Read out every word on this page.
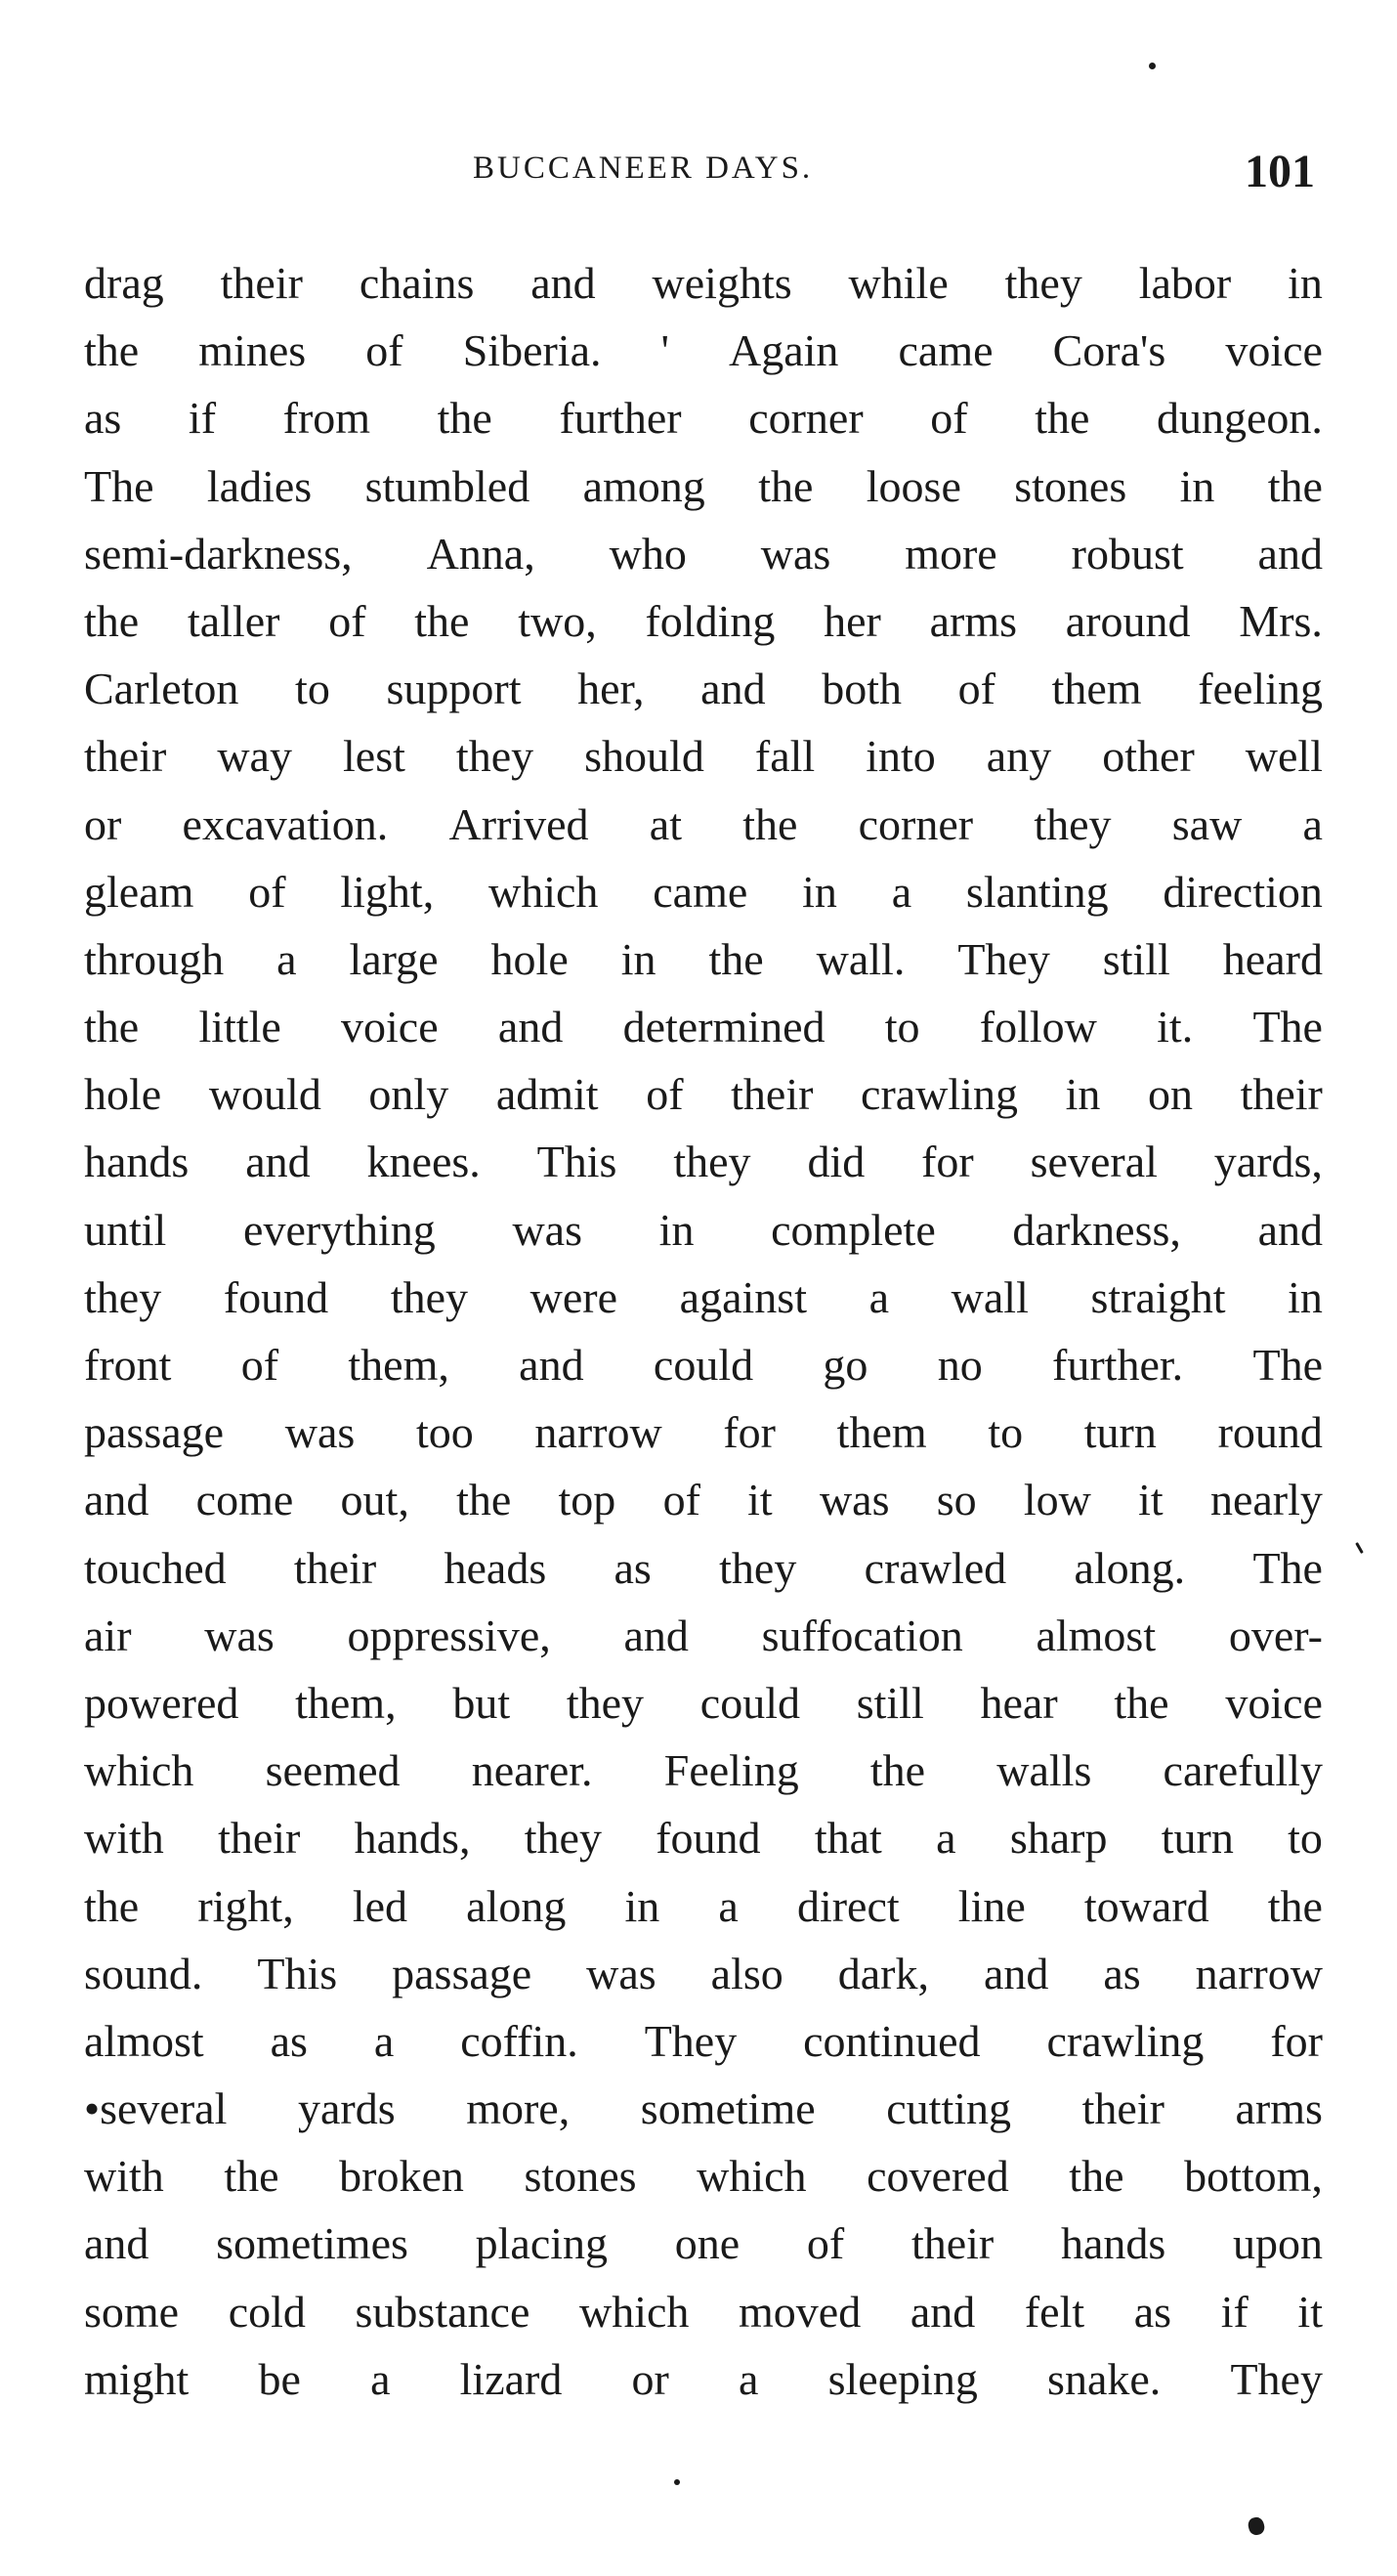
BUCCANEER DAYS.	101
drag their chains and weights while they labor in
the mines of Siberia. ' Again came Cora's voice
as if from the further corner of the dungeon.
The ladies stumbled among the loose stones in the
semi-darkness, Anna, who was more robust and
the taller of the two, folding her arms around Mrs.
Carleton to support her, and both of them feeling
their way lest they should fall into any other well
or excavation. Arrived at the corner they saw a
gleam of light, which came in a slanting direction
through a large hole in the wall. They still heard
the little voice and determined to follow it. The
hole would only admit of their crawling in on their
hands and knees. This they did for several yards,
until everything was in complete darkness, and
they found they were against a wall straight in
front of them, and could go no further. The
passage was too narrow for them to turn round
and come out, the top of it was so low it nearly
touched their heads as they crawled along. The
air was oppressive, and suffocation almost over-
powered them, but they could still hear the voice
which seemed nearer. Feeling the walls carefully
with their hands, they found that a sharp turn to
the right, led along in a direct line toward the
sound. This passage was also dark, and as narrow
almost as a coffin. They continued crawling for
•several yards more, sometime cutting their arms
with the broken stones which covered the bottom,
and sometimes placing one of their hands upon
some cold substance which moved and felt as if it
might be a lizard or a sleeping snake. They
